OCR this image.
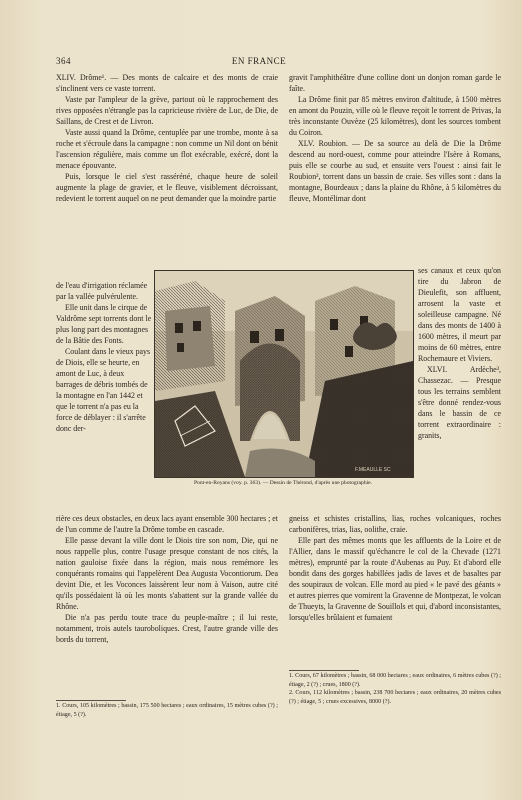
364	EN FRANCE

XLIV. Drôme¹. — Des monts de calcaire et des monts de craie s'inclinent vers ce vaste torrent.

Vaste par l'ampleur de la grève, partout où le rapprochement des rives opposées n'étrangle pas la capricieuse rivière de Luc, de Die, de Saillans, de Crest et de Livron.

Vaste aussi quand la Drôme, centuplée par une trombe, monte à sa roche et s'écroule dans la campagne : non comme un Nil dont on bénit l'ascension régulière, mais comme un flot exécrable, exécré, dont la menace épouvante.

Puis, lorsque le ciel s'est rasséréné, chaque heure de soleil augmente la plage de gravier, et le fleuve, visiblement décroissant, redevient le torrent auquel on ne peut demander que la moindre partie

de l'eau d'irrigation réclamée par la vallée pulvérulente.

Elle unit dans le cirque de Valdrôme sept torrents dont le plus long part des montagnes de la Bâtie des Fonts.

Coulant dans le vieux pays de Diois, elle se heurte, en amont de Luc, à deux barrages de débris tombés de la montagne en l'an 1442 et que le torrent n'a pas eu la force de déblayer : il s'arrête donc der-

gravit l'amphithéâtre d'une colline dont un donjon roman garde le faîte.

La Drôme finit par 85 mètres environ d'altitude, à 1500 mètres en amont du Pouzin, ville où le fleuve reçoit le torrent de Privas, la très inconstante Ouvèze (25 kilomètres), dont les sources tombent du Coiron.

XLV. Roubion. — De sa source au delà de Die la Drôme descend au nord-ouest, comme pour atteindre l'Isère à Romans, puis elle se courbe au sud, et ensuite vers l'ouest : ainsi fait le Roubion², torrent dans un bassin de craie. Ses villes sont : dans la montagne, Bourdeaux ; dans la plaine du Rhône, à 5 kilomètres du fleuve, Montélimar dont

ses canaux et ceux qu'on tire du Jabron de Dieulefit, son affluent, arrosent la vaste et soleilleuse campagne. Né dans des monts de 1400 à 1600 mètres, il meurt par moins de 60 mètres, entre Rochemaure et Viviers.

XLVI. Ardèche³, Chassezac. — Presque tous les terrains semblent s'être donné rendez-vous dans le bassin de ce torrent extraordinaire : granits,

F.MEAULLE SC
Pont-en-Royans (voy. p. 363). — Dessin de Thérond, d'après une photographie.

rière ces deux obstacles, en deux lacs ayant ensemble 300 hectares ; et de l'un comme de l'autre la Drôme tombe en cascade.

Elle passe devant la ville dont le Diois tire son nom, Die, qui ne nous rappelle plus, contre l'usage presque constant de nos cités, la nation gauloise fixée dans la région, mais nous remémore les conquérants romains qui l'appelèrent Dea Augusta Vocontiorum. Dea devint Die, et les Voconces laissèrent leur nom à Vaison, autre cité qu'ils possédaient là où les monts s'abattent sur la grande vallée du Rhône.

Die n'a pas perdu toute trace du peuple-maître ; il lui reste, notamment, trois autels tauroboliques. Crest, l'autre grande ville des bords du torrent,

gneiss et schistes cristallins, lias, roches volcaniques, roches carbonifères, trias, lias, oolithe, craie.

Elle part des mêmes monts que les affluents de la Loire et de l'Allier, dans le massif qu'échancre le col de la Chevade (1271 mètres), emprunté par la route d'Aubenas au Puy. Et d'abord elle bondit dans des gorges habillées jadis de laves et de basaltes par des soupiraux de volcan. Elle mord au pied « le pavé des géants » et autres pierres que vomirent la Gravenne de Montpezat, le volcan de Thueyts, la Gravenne de Souillols et qui, d'abord inconsistantes, lorsqu'elles brûlaient et fumaient

1. Cours, 105 kilomètres ; bassin, 175 500 hectares ; eaux ordinaires, 15 mètres cubes (?) ; étiage, 5 (?).
1. Cours, 67 kilomètres ; bassin, 68 000 hectares ; eaux ordinaires, 6 mètres cubes (?) ; étiage, 2 (?) ; crues, 1800 (?).
2. Cours, 112 kilomètres ; bassin, 238 700 hectares ; eaux ordinaires, 20 mètres cubes (?) ; étiage, 5 ; crues excessives, 8000 (?).
